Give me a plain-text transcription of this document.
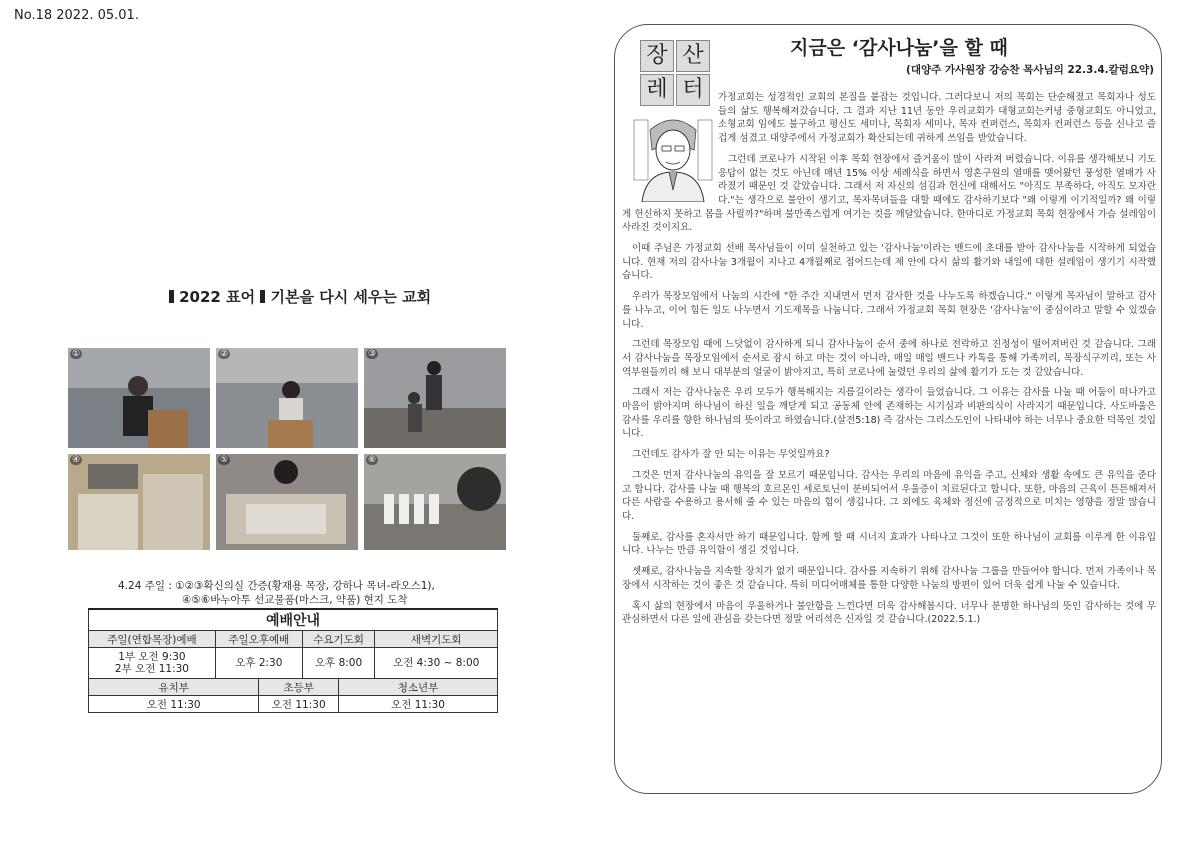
No.18 2022. 05.01.
2022 표어 기본을 다시 세우는 교회
①	②	③
④	⑤	⑥
4.24 주일 : ①②③확신의실 간증(황재용 목장, 강하나 목녀-라오스1),
④⑤⑥바누아투 선교물품(마스크, 약품) 현지 도착
예배안내					
주일(연합목장)예배	주일오후예배		수요기도회		새벽기도회

1부 오전 9:30
2부 오전 11:30	오후 2:30		오후 8:00		오전 4:30 ~ 8:00
유치부		초등부		청소년부	
오전 11:30		오전 11:30		오전 11:30	
장 산
레 터
지금은 ‘감사나눔’을 할 때
(대양주 가사원장 강승찬 목사님의 22.3.4.칼럼요약)

가정교회는 성경적인 교회의 본질을 붙잡는 것입니다. 그러다보니 저의 목회는 단순해졌고 목회자나 성도들의 삶도 행복해져갔습니다. 그 결과 지난 11년 동안 우리교회가 대형교회는커녕 중형교회도 아니었고, 소형교회 임에도 불구하고 평신도 세미나, 목회자 세미나, 목자 컨퍼런스, 목회자 컨퍼런스 등을 신나고 즐겁게 섬겼고 대양주에서 가정교회가 확산되는데 귀하게 쓰임을 받았습니다.

그런데 코로나가 시작된 이후 목회 현장에서 즐거움이 많이 사라져 버렸습니다. 이유를 생각해보니 기도응답이 없는 것도 아닌데 매년 15% 이상 세례식을 하면서 영혼구원의 열매를 맺어왔던 풍성한 열매가 사라졌기 때문인 것 같았습니다. 그래서 저 자신의 섬김과 헌신에 대해서도 "아직도 부족하다, 아직도 모자란다."는 생각으로 불안이 생기고, 목자목녀들을 대할 때에도 감사하기보다 "왜 이렇게 이기적일까? 왜 이렇게 헌신하지 못하고 몸을 사릴까?"하며 불만족스럽게 여기는 것을 깨달았습니다. 한마디로 가정교회 목회 현장에서 가슴 설레임이 사라진 것이지요.

이때 주님은 가정교회 선배 목사님들이 이미 실천하고 있는 '감사나눔'이라는 밴드에 초대를 받아 감사나눔을 시작하게 되었습니다. 현재 저의 감사나눔 3개월이 지나고 4개월째로 접어드는데 제 안에 다시 삶의 활기와 내일에 대한 설레임이 생기기 시작했습니다.

우리가 목장모임에서 나눔의 시간에 "한 주간 지내면서 먼저 감사한 것을 나누도록 하겠습니다." 이렇게 목자님이 말하고 감사를 나누고, 이어 힘든 일도 나누면서 기도제목을 나눕니다. 그래서 가정교회 목회 현장은 '감사나눔'이 중심이라고 말할 수 있겠습니다.

그런데 목장모임 때에 느닷없이 감사하게 되니 감사나눔이 순서 중에 하나로 전락하고 진정성이 떨어져버린 것 같습니다. 그래서 감사나눔을 목장모임에서 순서로 잠시 하고 마는 것이 아니라, 매일 매일 밴드나 카톡을 통해 가족끼리, 목장식구끼리, 또는 사역부원들끼리 해 보니 대부분의 얼굴이 밝아지고, 특히 코로나에 눌렸던 우리의 삶에 활기가 도는 것 같았습니다.

그래서 저는 감사나눔은 우리 모두가 행복해지는 지름길이라는 생각이 들었습니다. 그 이유는 감사를 나눌 때 어둠이 떠나가고 마음이 밝아지며 하나님이 하신 일을 깨닫게 되고 공동체 안에 존재하는 시기심과 비판의식이 사라지기 때문입니다. 사도바울은 감사를 우리를 향한 하나님의 뜻이라고 하였습니다.(살전5:18) 즉 감사는 그리스도인이 나타내야 하는 너무나 중요한 덕목인 것입니다.

그런데도 감사가 잘 안 되는 이유는 무엇일까요?

그것은 먼저 감사나눔의 유익을 잘 모르기 때문입니다. 감사는 우리의 마음에 유익을 주고, 신체와 생활 속에도 큰 유익을 준다고 합니다. 감사를 나눌 때 행복의 호르몬인 세로토닌이 분비되어서 우울증이 치료된다고 합니다. 또한, 마음의 근육이 튼튼해져서 다른 사람을 수용하고 용서해 줄 수 있는 마음의 힘이 생깁니다. 그 외에도 육체와 정신에 긍정적으로 미치는 영향을 정말 많습니다.

둘째로, 감사를 혼자서만 하기 때문입니다. 함께 할 때 시너지 효과가 나타나고 그것이 또한 하나님이 교회를 이루게 한 이유입니다. 나누는 만큼 유익함이 생길 것입니다.

셋째로, 감사나눔을 지속할 장치가 없기 때문입니다. 감사를 지속하기 위해 감사나눔 그룹을 만들어야 합니다. 먼저 가족이나 목장에서 시작하는 것이 좋은 것 같습니다. 특히 미디어매체를 통한 다양한 나눔의 방편이 있어 더욱 쉽게 나눌 수 있습니다.

혹시 삶의 현장에서 마음이 우울하거나 불안함을 느낀다면 더욱 감사해봅시다. 너무나 분명한 하나님의 뜻인 감사하는 것에 무관심하면서 다른 일에 관심을 갖는다면 정말 어리석은 신자일 것 같습니다.(2022.5.1.)
